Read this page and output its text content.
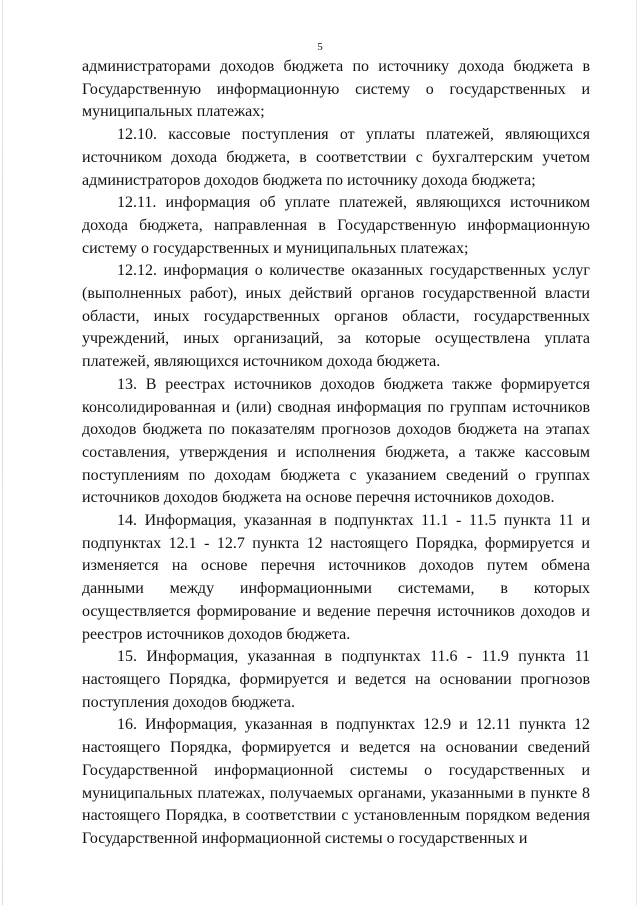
5

администраторами доходов бюджета по источнику дохода бюджета в Государственную информационную систему о государственных и муниципальных платежах;

12.10. кассовые поступления от уплаты платежей, являющихся источником дохода бюджета, в соответствии с бухгалтерским учетом администраторов доходов бюджета по источнику дохода бюджета;

12.11. информация об уплате платежей, являющихся источником дохода бюджета, направленная в Государственную информационную систему о государственных и муниципальных платежах;

12.12. информация о количестве оказанных государственных услуг (выполненных работ), иных действий органов государственной власти области, иных государственных органов области, государственных учреждений, иных организаций, за которые осуществлена уплата платежей, являющихся источником дохода бюджета.

13. В реестрах источников доходов бюджета также формируется консолидированная и (или) сводная информация по группам источников доходов бюджета по показателям прогнозов доходов бюджета на этапах составления, утверждения и исполнения бюджета, а также кассовым поступлениям по доходам бюджета с указанием сведений о группах источников доходов бюджета на основе перечня источников доходов.

14. Информация, указанная в подпунктах 11.1 - 11.5 пункта 11 и подпунктах 12.1 - 12.7 пункта 12 настоящего Порядка, формируется и изменяется на основе перечня источников доходов путем обмена данными между информационными системами, в которых осуществляется формирование и ведение перечня источников доходов и реестров источников доходов бюджета.

15. Информация, указанная в подпунктах 11.6 - 11.9 пункта 11 настоящего Порядка, формируется и ведется на основании прогнозов поступления доходов бюджета.

16. Информация, указанная в подпунктах 12.9 и 12.11 пункта 12 настоящего Порядка, формируется и ведется на основании сведений Государственной информационной системы о государственных и муниципальных платежах, получаемых органами, указанными в пункте 8 настоящего Порядка, в соответствии с установленным порядком ведения Государственной информационной системы о государственных и
